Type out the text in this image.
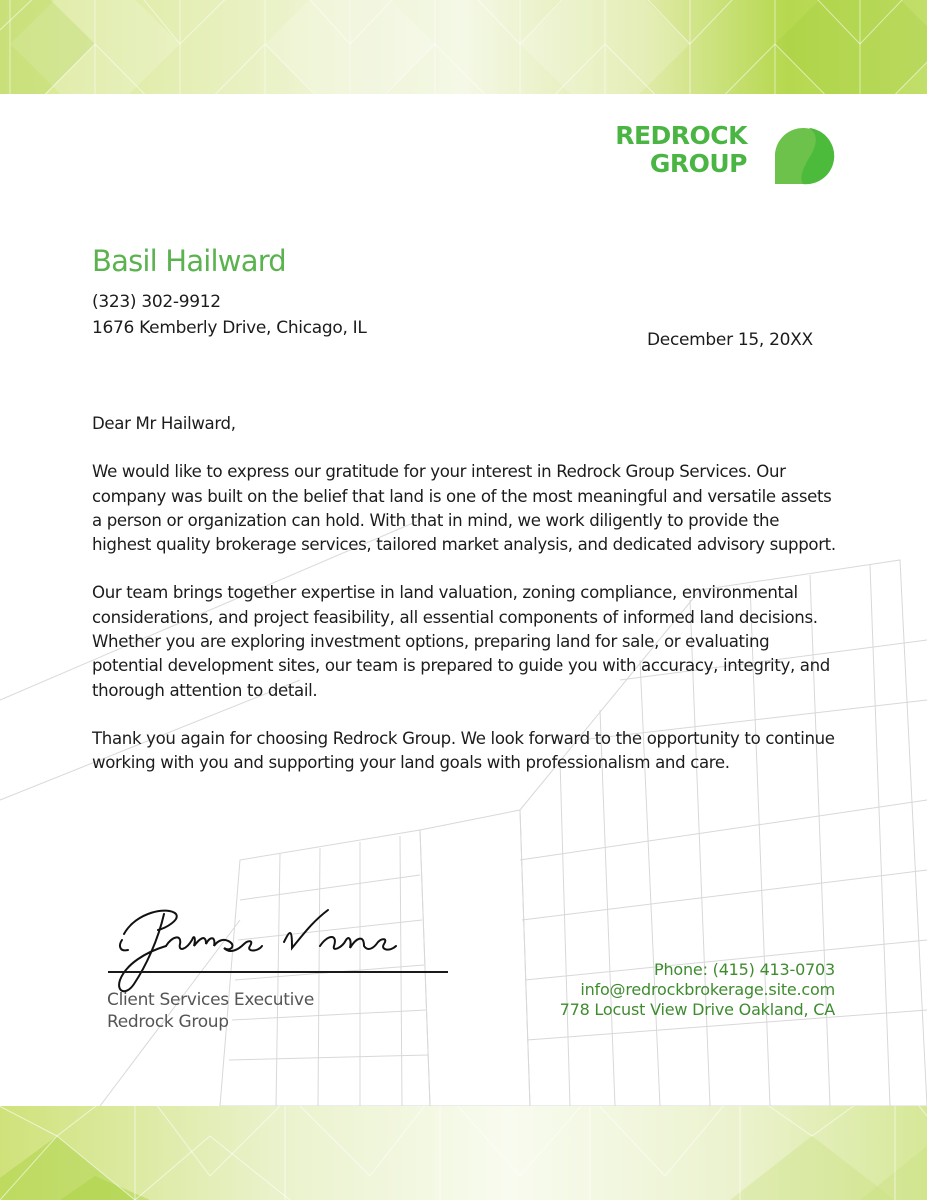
REDROCK
GROUP
Basil Hailward
(323) 302-9912
1676 Kemberly Drive, Chicago, IL
December 15, 20XX

Dear Mr Hailward,

We would like to express our gratitude for your interest in Redrock Group Services. Our company was built on the belief that land is one of the most meaningful and versatile assets a person or organization can hold. With that in mind, we work diligently to provide the highest quality brokerage services, tailored market analysis, and dedicated advisory support.

Our team brings together expertise in land valuation, zoning compliance, environmental considerations, and project feasibility, all essential components of informed land decisions. Whether you are exploring investment options, preparing land for sale, or evaluating potential development sites, our team is prepared to guide you with accuracy, integrity, and thorough attention to detail.

Thank you again for choosing Redrock Group. We look forward to the opportunity to continue working with you and supporting your land goals with professionalism and care.

Client Services Executive
Redrock Group
Phone: (415) 413-0703
info@redrockbrokerage.site.com
778 Locust View Drive Oakland, CA
